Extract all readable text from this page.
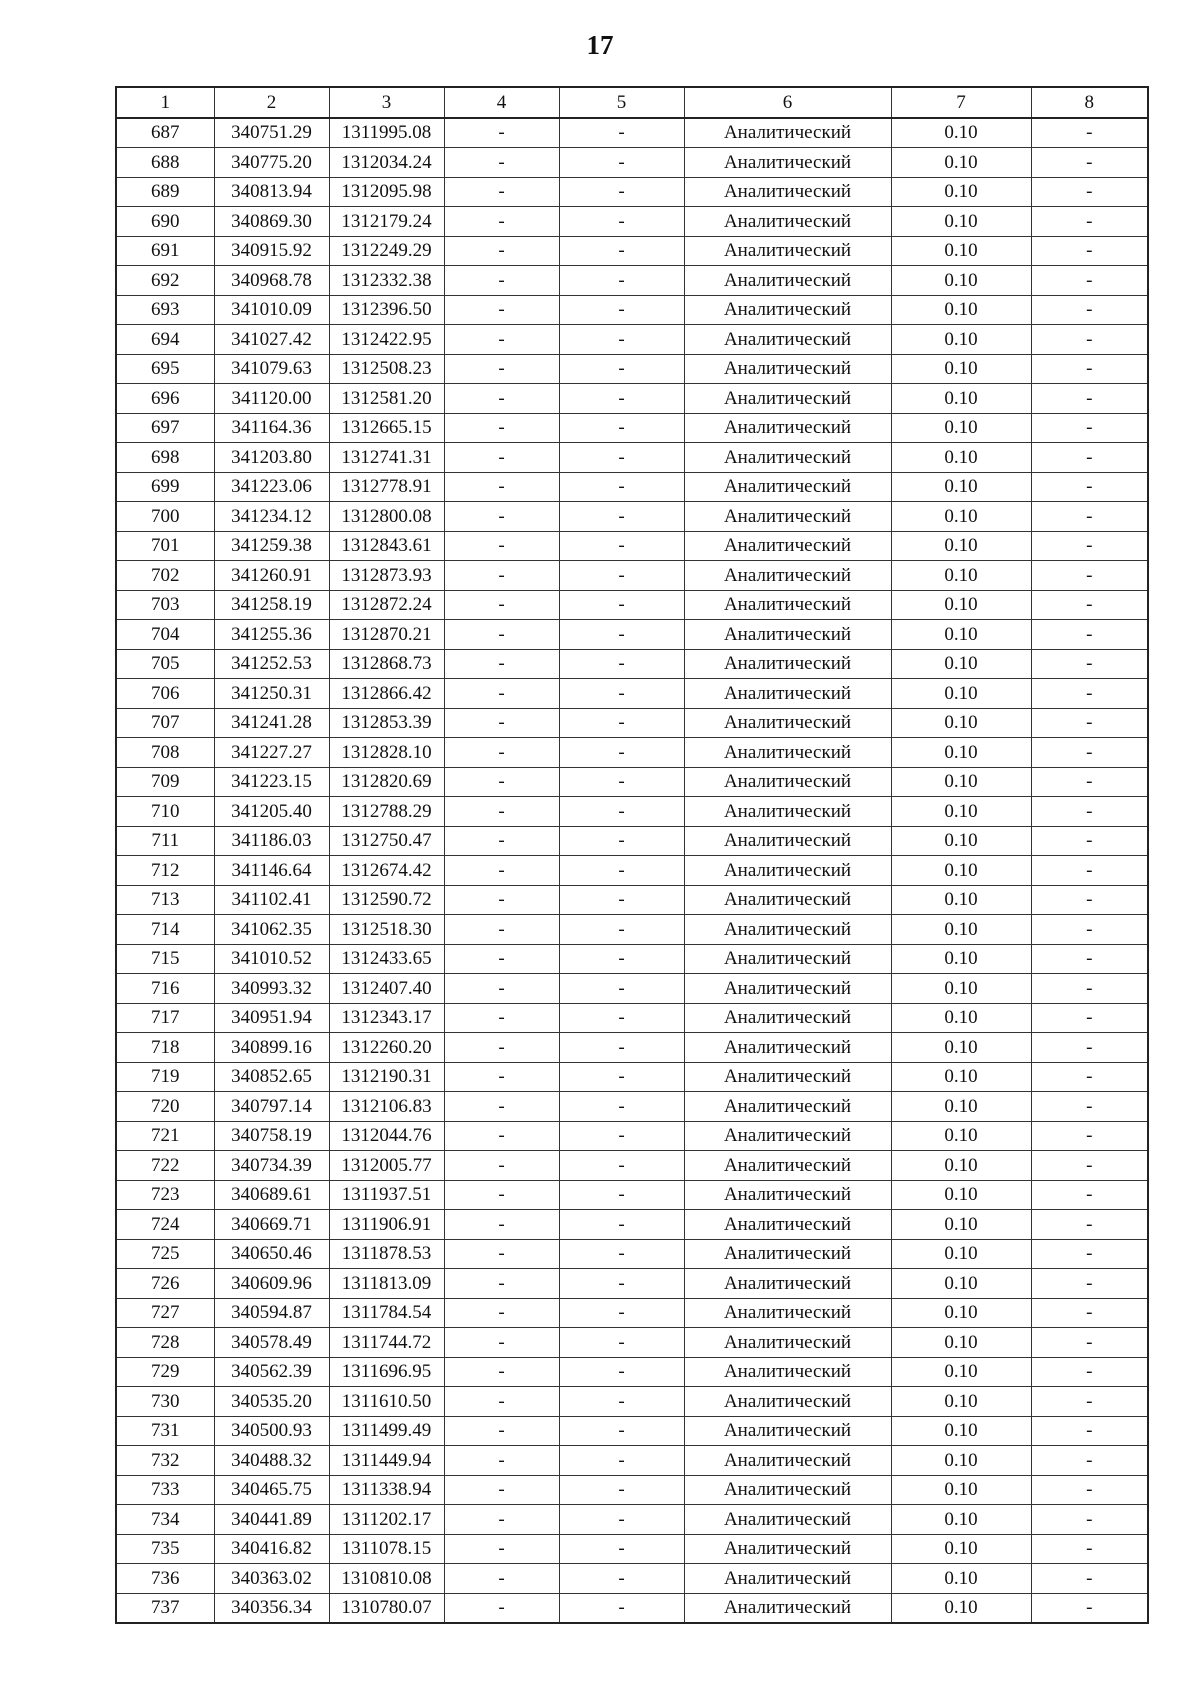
17
1	2	3	4	5	6	7	8
687	340751.29	1311995.08	-	-	Аналитический	0.10	-
688	340775.20	1312034.24	-	-	Аналитический	0.10	-
689	340813.94	1312095.98	-	-	Аналитический	0.10	-
690	340869.30	1312179.24	-	-	Аналитический	0.10	-
691	340915.92	1312249.29	-	-	Аналитический	0.10	-
692	340968.78	1312332.38	-	-	Аналитический	0.10	-
693	341010.09	1312396.50	-	-	Аналитический	0.10	-
694	341027.42	1312422.95	-	-	Аналитический	0.10	-
695	341079.63	1312508.23	-	-	Аналитический	0.10	-
696	341120.00	1312581.20	-	-	Аналитический	0.10	-
697	341164.36	1312665.15	-	-	Аналитический	0.10	-
698	341203.80	1312741.31	-	-	Аналитический	0.10	-
699	341223.06	1312778.91	-	-	Аналитический	0.10	-
700	341234.12	1312800.08	-	-	Аналитический	0.10	-
701	341259.38	1312843.61	-	-	Аналитический	0.10	-
702	341260.91	1312873.93	-	-	Аналитический	0.10	-
703	341258.19	1312872.24	-	-	Аналитический	0.10	-
704	341255.36	1312870.21	-	-	Аналитический	0.10	-
705	341252.53	1312868.73	-	-	Аналитический	0.10	-
706	341250.31	1312866.42	-	-	Аналитический	0.10	-
707	341241.28	1312853.39	-	-	Аналитический	0.10	-
708	341227.27	1312828.10	-	-	Аналитический	0.10	-
709	341223.15	1312820.69	-	-	Аналитический	0.10	-
710	341205.40	1312788.29	-	-	Аналитический	0.10	-
711	341186.03	1312750.47	-	-	Аналитический	0.10	-
712	341146.64	1312674.42	-	-	Аналитический	0.10	-
713	341102.41	1312590.72	-	-	Аналитический	0.10	-
714	341062.35	1312518.30	-	-	Аналитический	0.10	-
715	341010.52	1312433.65	-	-	Аналитический	0.10	-
716	340993.32	1312407.40	-	-	Аналитический	0.10	-
717	340951.94	1312343.17	-	-	Аналитический	0.10	-
718	340899.16	1312260.20	-	-	Аналитический	0.10	-
719	340852.65	1312190.31	-	-	Аналитический	0.10	-
720	340797.14	1312106.83	-	-	Аналитический	0.10	-
721	340758.19	1312044.76	-	-	Аналитический	0.10	-
722	340734.39	1312005.77	-	-	Аналитический	0.10	-
723	340689.61	1311937.51	-	-	Аналитический	0.10	-
724	340669.71	1311906.91	-	-	Аналитический	0.10	-
725	340650.46	1311878.53	-	-	Аналитический	0.10	-
726	340609.96	1311813.09	-	-	Аналитический	0.10	-
727	340594.87	1311784.54	-	-	Аналитический	0.10	-
728	340578.49	1311744.72	-	-	Аналитический	0.10	-
729	340562.39	1311696.95	-	-	Аналитический	0.10	-
730	340535.20	1311610.50	-	-	Аналитический	0.10	-
731	340500.93	1311499.49	-	-	Аналитический	0.10	-
732	340488.32	1311449.94	-	-	Аналитический	0.10	-
733	340465.75	1311338.94	-	-	Аналитический	0.10	-
734	340441.89	1311202.17	-	-	Аналитический	0.10	-
735	340416.82	1311078.15	-	-	Аналитический	0.10	-
736	340363.02	1310810.08	-	-	Аналитический	0.10	-
737	340356.34	1310780.07	-	-	Аналитический	0.10	-
